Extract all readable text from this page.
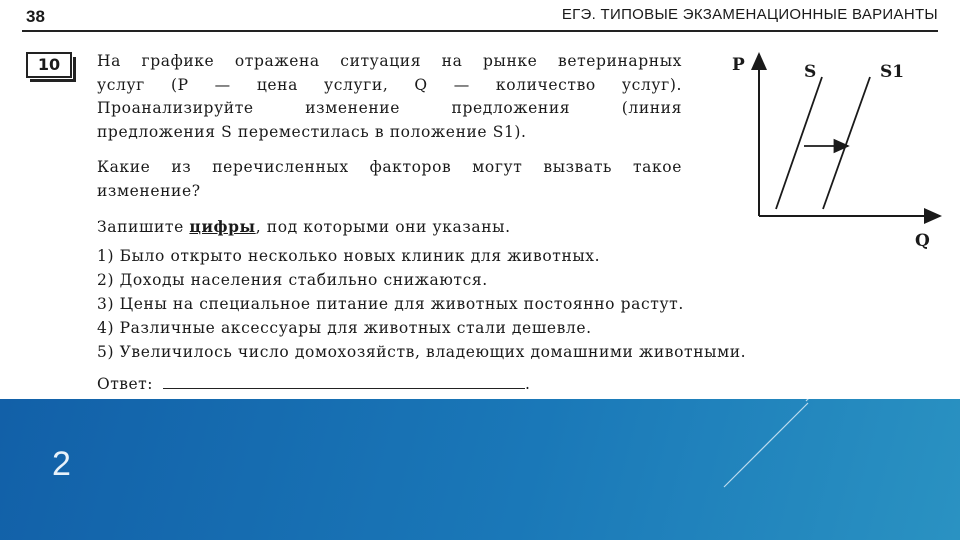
38	ЕГЭ. ТИПОВЫЕ ЭКЗАМЕНАЦИОННЫЕ ВАРИАНТЫ
10	На графике отражена ситуация на рынке ветеринарных

услуг (P — цена услуги, Q — количество услуг).

Проанализируйте изменение предложения (линия

предложения S переместилась в положение S1).

Какие из перечисленных факторов могут вызвать такое

изменение?

Запишите цифры, под которыми они указаны.

1) Было открыто несколько новых клиник для животных.
2) Доходы населения стабильно снижаются.
3) Цены на специальное питание для животных постоянно растут.
4) Различные аксессуары для животных стали дешевле.
5) Увеличилось число домохозяйств, владеющих домашними животными.
Ответ:	.
P
Q
S	S1
2
